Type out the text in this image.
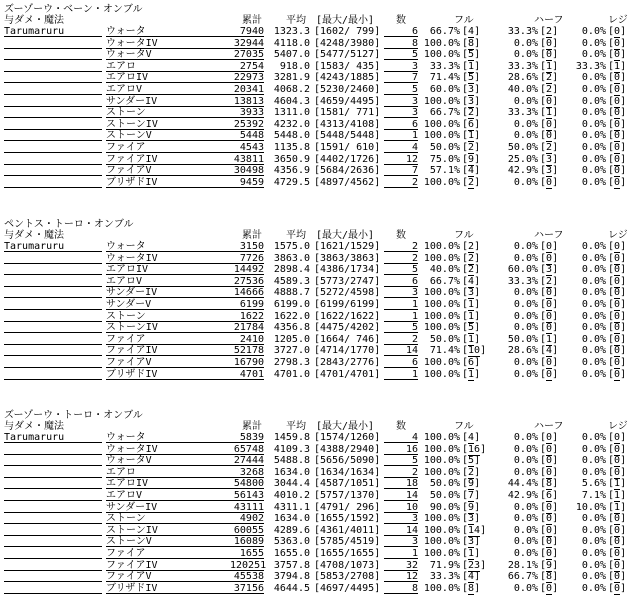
ズーゾーウ・ベーン・オンブル
与ダメ・魔法	累計 平均 [最大/最小] 数	フル	ハーフ	レジ
Tarumaruru	ウォータ	7940 1323.3 [1602/ 799]	6	66.7% [4]	33.3% [2]	0.0% [0]
ウォータIV	32944 4118.0 [4248/3980]	8 100.0% [8]	0.0% [0]	0.0% [0]
ウォータV	27035 5407.0 [5477/5127]	5 100.0% [5]	0.0% [0]	0.0% [0]
エアロ	2754	918.0 [1583/ 435]	3	33.3% [1]	33.3% [1]	33.3% [1]
エアロIV	22973 3281.9 [4243/1885]	7	71.4% [5]	28.6% [2]	0.0% [0]
エアロV	20341 4068.2 [5230/2460]	5	60.0% [3]	40.0% [2]	0.0% [0]
サンダーIV	13813 4604.3 [4659/4495]	3 100.0% [3]	0.0% [0]	0.0% [0]
ストーン	3933 1311.0 [1581/ 771]	3	66.7% [2]	33.3% [1]	0.0% [0]
ストーンIV	25392 4232.0 [4313/4108]	6 100.0% [6]	0.0% [0]	0.0% [0]
ストーンV	5448 5448.0 [5448/5448]	1 100.0% [1]	0.0% [0]	0.0% [0]
ファイア	4543 1135.8 [1591/ 610]	4	50.0% [2]	50.0% [2]	0.0% [0]
ファイアIV	43811 3650.9 [4402/1726]	12	75.0% [9]	25.0% [3]	0.0% [0]
ファイアV	30498 4356.9 [5684/2636]	7	57.1% [4]	42.9% [3]	0.0% [0]
ブリザドIV	9459 4729.5 [4897/4562]	2 100.0% [2]	0.0% [0]	0.0% [0]
ペントス・トーロ・オンブル
与ダメ・魔法	累計 平均 [最大/最小] 数	フル	ハーフ	レジ
Tarumaruru	ウォータ	3150 1575.0 [1621/1529]	2 100.0% [2]	0.0% [0]	0.0% [0]
ウォータIV	7726 3863.0 [3863/3863]	2 100.0% [2]	0.0% [0]	0.0% [0]
エアロIV	14492 2898.4 [4386/1734]	5	40.0% [2]	60.0% [3]	0.0% [0]
エアロV	27536 4589.3 [5773/2747]	6	66.7% [4]	33.3% [2]	0.0% [0]
サンダーIV	14666 4888.7 [5272/4598]	3 100.0% [3]	0.0% [0]	0.0% [0]
サンダーV	6199 6199.0 [6199/6199]	1 100.0% [1]	0.0% [0]	0.0% [0]
ストーン	1622 1622.0 [1622/1622]	1 100.0% [1]	0.0% [0]	0.0% [0]
ストーンIV	21784 4356.8 [4475/4202]	5 100.0% [5]	0.0% [0]	0.0% [0]
ファイア	2410 1205.0 [1664/ 746]	2	50.0% [1]	50.0% [1]	0.0% [0]
ファイアIV	52178 3727.0 [4714/1770]	14	71.4% [10]	28.6% [4]	0.0% [0]
ファイアV	16790 2798.3 [2843/2776]	6 100.0% [6]	0.0% [0]	0.0% [0]
ブリザドIV	4701 4701.0 [4701/4701]	1 100.0% [1]	0.0% [0]	0.0% [0]
ズーゾーウ・トーロ・オンブル
与ダメ・魔法	累計 平均 [最大/最小] 数	フル	ハーフ	レジ
Tarumaruru	ウォータ	5839 1459.8 [1574/1260]	4 100.0% [4]	0.0% [0]	0.0% [0]
ウォータIV	65748 4109.3 [4388/2940]	16 100.0% [16]	0.0% [0]	0.0% [0]
ウォータV	27444 5488.8 [5656/5090]	5 100.0% [5]	0.0% [0]	0.0% [0]
エアロ	3268 1634.0 [1634/1634]	2 100.0% [2]	0.0% [0]	0.0% [0]
エアロIV	54800 3044.4 [4587/1051]	18	50.0% [9]	44.4% [8]	5.6% [1]
エアロV	56143 4010.2 [5757/1370]	14	50.0% [7]	42.9% [6]	7.1% [1]
サンダーIV	43111 4311.1 [4791/ 296]	10	90.0% [9]	0.0% [0]	10.0% [1]
ストーン	4902 1634.0 [1655/1592]	3 100.0% [3]	0.0% [0]	0.0% [0]
ストーンIV	60055 4289.6 [4361/4011]	14 100.0% [14]	0.0% [0]	0.0% [0]
ストーンV	16089 5363.0 [5785/4519]	3 100.0% [3]	0.0% [0]	0.0% [0]
ファイア	1655 1655.0 [1655/1655]	1 100.0% [1]	0.0% [0]	0.0% [0]
ファイアIV	120251 3757.8 [4708/1073]	32	71.9% [23]	28.1% [9]	0.0% [0]
ファイアV	45538 3794.8 [5853/2708]	12	33.3% [4]	66.7% [8]	0.0% [0]
ブリザドIV	37156 4644.5 [4697/4495]	8 100.0% [8]	0.0% [0]	0.0% [0]
